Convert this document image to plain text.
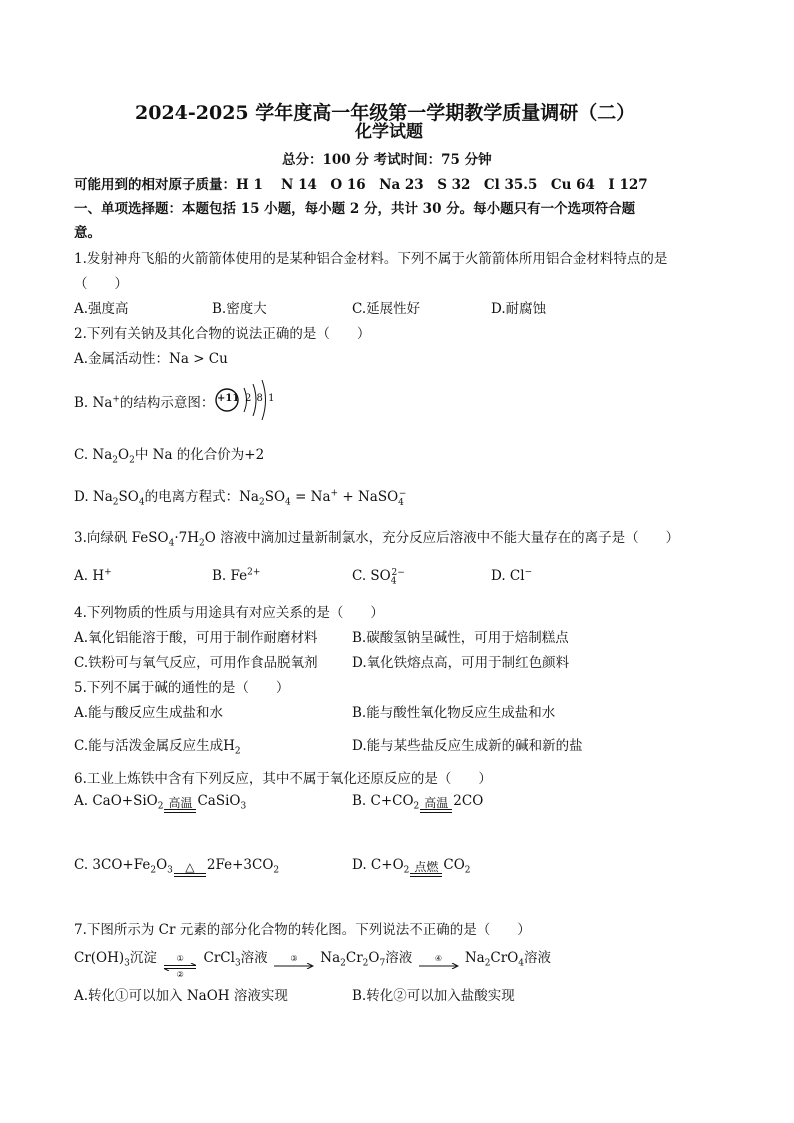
2024-2025 学年度高一年级第一学期教学质量调研（二）
化学试题
总分：100 分 考试时间：75 分钟
可能用到的相对原子质量：H 1　 N 14　O 16　Na 23　S 32　Cl 35.5　Cu 64　I 127
一、单项选择题：本题包括 15 小题，每小题 2 分，共计 30 分。每小题只有一个选项符合题
意。
1.发射神舟飞船的火箭箭体使用的是某种铝合金材料。下列不属于火箭箭体所用铝合金材料特点的是
（　　）
A.强度高	B.密度大	C.延展性好	D.耐腐蚀
2.下列有关钠及其化合物的说法正确的是（　　）
A.金属活动性：Na > Cu
B. Na+的结构示意图： +11 2 8 1
C. $Na_2O_2$中 Na 的化合价为+2
D. $Na_2SO_4$的电离方程式：$Na_2SO_4 = Na^+$ + NaSO$_4$−
3.向绿矾 $FeSO_4\cdot 7H_2O$ 溶液中滴加过量新制氯水，充分反应后溶液中不能大量存在的离子是（　　）
A. H+	B. $Fe^{2+}$	C. $SO_4^{2-}$	D. Cl−
4.下列物质的性质与用途具有对应关系的是（　　）
A.氧化铝能溶于酸，可用于制作耐磨材料	B.碳酸氢钠呈碱性，可用于焙制糕点
C.铁粉可与氧气反应，可用作食品脱氧剂	D.氧化铁熔点高，可用于制红色颜料
5.下列不属于碱的通性的是（　　）
A.能与酸反应生成盐和水	B.能与酸性氧化物反应生成盐和水
C.能与活泼金属反应生成$H_2$	D.能与某些盐反应生成新的碱和新的盐
6.工业上炼铁中含有下列反应，其中不属于氧化还原反应的是（　　）
A. CaO+SiO$_2$ 高温 CaSiO$_3$	B. $C+CO_2$ 高温 2CO
C. $3CO+Fe_2O_3$ △ $2Fe+3CO_2$	D. $C+O_2$ 点燃 $CO_2$
7.下图所示为 Cr 元素的部分化合物的转化图。下列说法不正确的是（　　）
$Cr(OH)_3$沉淀 ①
②
CrCl$_3$溶液	③
$Na_2Cr_2O_7$溶液	④
$Na_2CrO_4$溶液
A.转化①可以加入 NaOH 溶液实现	B.转化②可以加入盐酸实现
